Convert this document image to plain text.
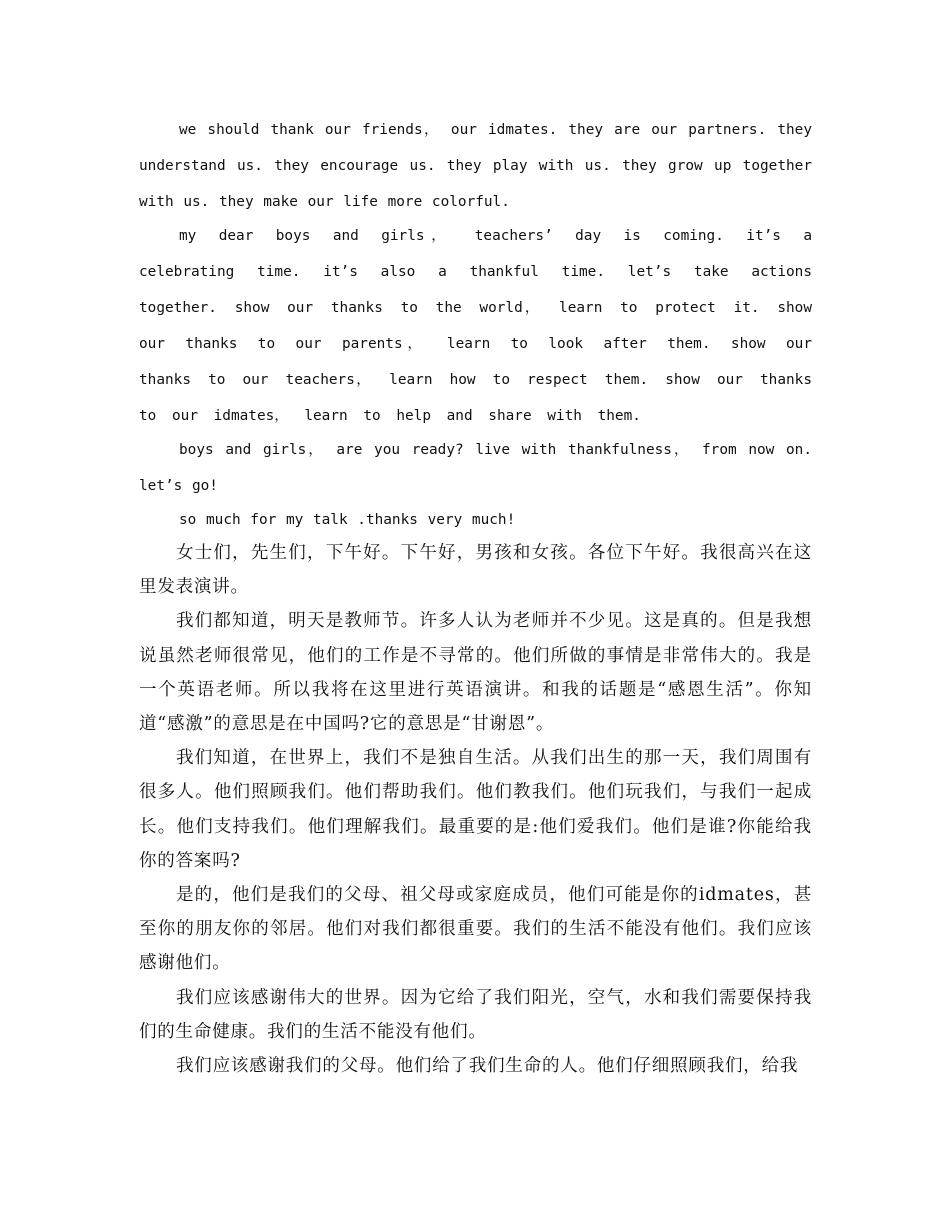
we should thank our friends， our idmates. they are our partners. they understand us. they encourage us. they play with us. they grow up together with us. they make our life more colorful.

my dear boys and girls， teachers’ day is coming. it’s a celebrating time. it’s also a thankful time. let’s take actions together. show our thanks to the world， learn to protect it. show our thanks to our parents， learn to look after them. show our thanks to our teachers， learn how to respect them. show our thanks to our idmates， learn to help and share with them.

boys and girls， are you ready? live with thankfulness， from now on. let’s go!

so much for my talk .thanks very much!

女士们，先生们，下午好。下午好，男孩和女孩。各位下午好。我很高兴在这里发表演讲。

我们都知道，明天是教师节。许多人认为老师并不少见。这是真的。但是我想说虽然老师很常见，他们的工作是不寻常的。他们所做的事情是非常伟大的。我是一个英语老师。所以我将在这里进行英语演讲。和我的话题是“感恩生活”。你知道“感激”的意思是在中国吗?它的意思是“甘谢恩”。

我们知道，在世界上，我们不是独自生活。从我们出生的那一天，我们周围有很多人。他们照顾我们。他们帮助我们。他们教我们。他们玩我们，与我们一起成长。他们支持我们。他们理解我们。最重要的是:他们爱我们。他们是谁?你能给我你的答案吗?

是的，他们是我们的父母、祖父母或家庭成员，他们可能是你的idmates，甚至你的朋友你的邻居。他们对我们都很重要。我们的生活不能没有他们。我们应该感谢他们。

我们应该感谢伟大的世界。因为它给了我们阳光，空气，水和我们需要保持我们的生命健康。我们的生活不能没有他们。

我们应该感谢我们的父母。他们给了我们生命的人。他们仔细照顾我们，给我
